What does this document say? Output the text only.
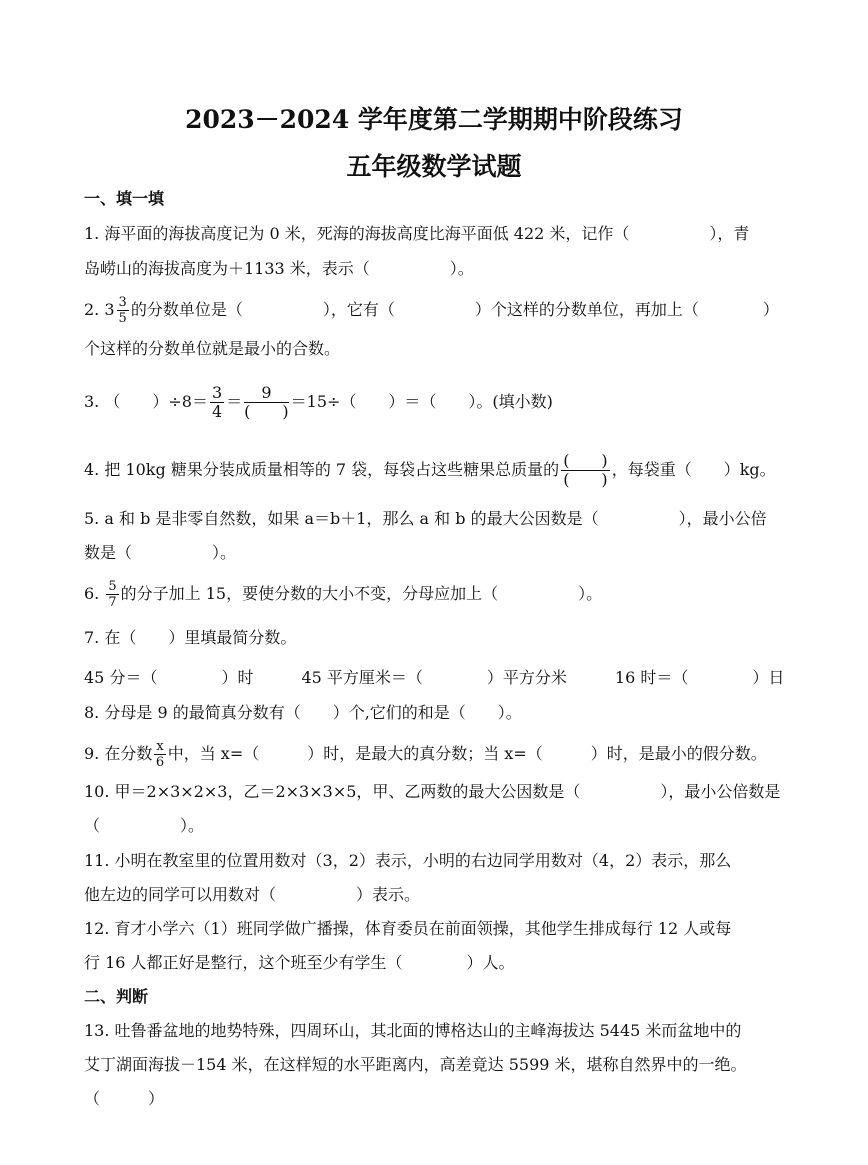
2023－2024 学年度第二学期期中阶段练习
五年级数学试题
一、填一填
1. 海平面的海拔高度记为 0 米，死海的海拔高度比海平面低 422 米，记作（　　　　　），青
岛崂山的海拔高度为＋1133 米，表示（　　　　　）。
2. $3 \frac{3}{5}$ 的分数单位是（　　　　　），它有（　　　　　）个这样的分数单位，再加上（　　　　）
个这样的分数单位就是最小的合数。
3. （　　）$\div 8= \frac{3}{4} = \frac{9}{( )} =15\div$（　　）＝（　　）。(填小数)
4. 把 10kg 糖果分装成质量相等的 7 袋，每袋占这些糖果总质量的 $\frac{( )}{( )}$ ，每袋重（　　）kg。
5. a 和 b 是非零自然数，如果 a＝b＋1，那么 a 和 b 的最大公因数是（　　　　　），最小公倍
数是（　　　　　）。
6. $\frac{5}{7}$ 的分子加上 15，要使分数的大小不变，分母应加上（　　　　　）。
7. 在（　　）里填最简分数。
45 分＝（　　　　）时　　　45 平方厘米＝（　　　　）平方分米　　　16 时＝（　　　　）日
8. 分母是 9 的最简真分数有（　　）个,它们的和是（　　）。
9. 在分数 $\frac{x}{6}$ 中，当 x=（　　　）时，是最大的真分数；当 x=（　　　）时，是最小的假分数。
10. 甲＝2×3×2×3，乙＝2×3×3×5，甲、乙两数的最大公因数是（　　　　　），最小公倍数是
（　　　　　）。
11. 小明在教室里的位置用数对（3，2）表示，小明的右边同学用数对（4，2）表示，那么
他左边的同学可以用数对（　　　　　）表示。
12. 育才小学六（1）班同学做广播操，体育委员在前面领操，其他学生排成每行 12 人或每
行 16 人都正好是整行，这个班至少有学生（　　　　）人。
二、判断
13. 吐鲁番盆地的地势特殊，四周环山，其北面的博格达山的主峰海拔达 5445 米而盆地中的
艾丁湖面海拔－154 米，在这样短的水平距离内，高差竟达 5599 米，堪称自然界中的一绝。
（　　　）
